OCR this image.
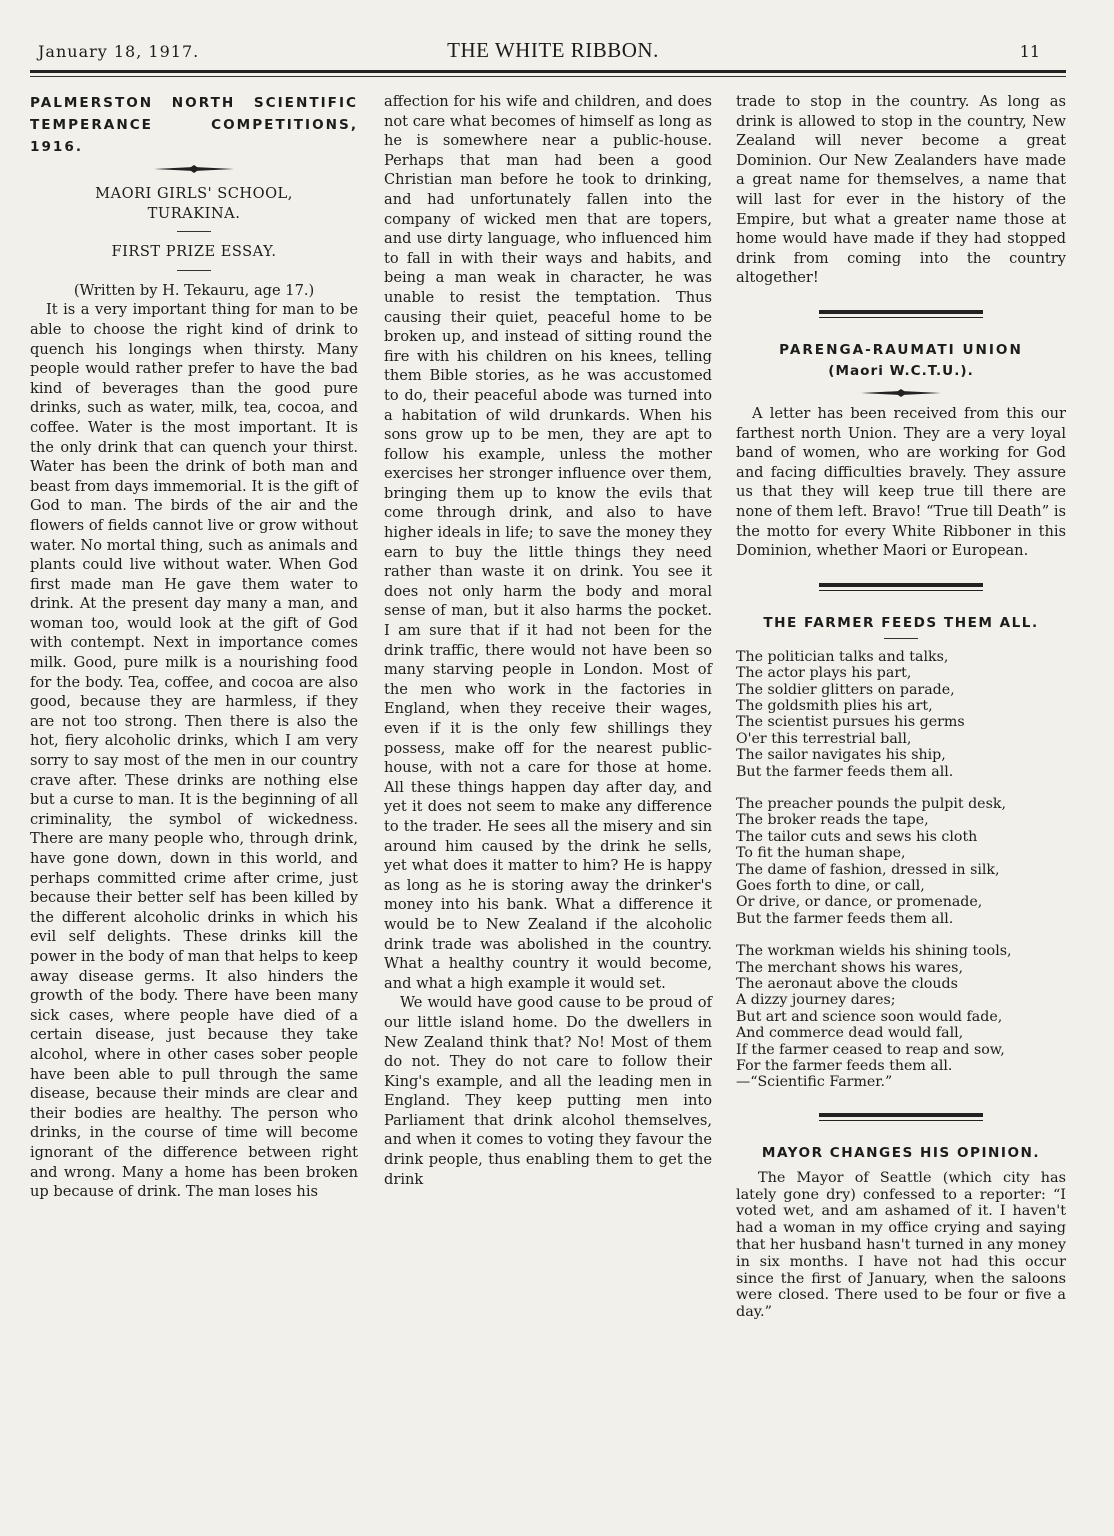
January 18, 1917.	THE WHITE RIBBON.	11
PALMERSTON NORTH SCIENTIFIC TEMPERANCE COMPETITIONS, 1916.

MAORI GIRLS' SCHOOL,

TURAKINA.

FIRST PRIZE ESSAY.

(Written by H. Tekauru, age 17.)

It is a very important thing for man to be able to choose the right kind of drink to quench his longings when thirsty. Many people would rather prefer to have the bad kind of beverages than the good pure drinks, such as water, milk, tea, cocoa, and coffee. Water is the most important. It is the only drink that can quench your thirst. Water has been the drink of both man and beast from days immemorial. It is the gift of God to man. The birds of the air and the flowers of fields cannot live or grow without water. No mortal thing, such as animals and plants could live without water. When God first made man He gave them water to drink. At the present day many a man, and woman too, would look at the gift of God with contempt. Next in importance comes milk. Good, pure milk is a nourishing food for the body. Tea, coffee, and cocoa are also good, because they are harmless, if they are not too strong. Then there is also the hot, fiery alcoholic drinks, which I am very sorry to say most of the men in our country crave after. These drinks are nothing else but a curse to man. It is the beginning of all criminality, the symbol of wickedness. There are many people who, through drink, have gone down, down in this world, and perhaps committed crime after crime, just because their better self has been killed by the different alcoholic drinks in which his evil self delights. These drinks kill the power in the body of man that helps to keep away disease germs. It also hinders the growth of the body. There have been many sick cases, where people have died of a certain disease, just because they take alcohol, where in other cases sober people have been able to pull through the same disease, because their minds are clear and their bodies are healthy. The person who drinks, in the course of time will become ignorant of the difference between right and wrong. Many a home has been broken up because of drink. The man loses his

affection for his wife and children, and does not care what becomes of himself as long as he is somewhere near a public-house. Perhaps that man had been a good Christian man before he took to drinking, and had unfortunately fallen into the company of wicked men that are topers, and use dirty language, who influenced him to fall in with their ways and habits, and being a man weak in character, he was unable to resist the temptation. Thus causing their quiet, peaceful home to be broken up, and instead of sitting round the fire with his children on his knees, telling them Bible stories, as he was accustomed to do, their peaceful abode was turned into a habitation of wild drunkards. When his sons grow up to be men, they are apt to follow his example, unless the mother exercises her stronger influence over them, bringing them up to know the evils that come through drink, and also to have higher ideals in life; to save the money they earn to buy the little things they need rather than waste it on drink. You see it does not only harm the body and moral sense of man, but it also harms the pocket. I am sure that if it had not been for the drink traffic, there would not have been so many starving people in London. Most of the men who work in the factories in England, when they receive their wages, even if it is the only few shillings they possess, make off for the nearest public-house, with not a care for those at home. All these things happen day after day, and yet it does not seem to make any difference to the trader. He sees all the misery and sin around him caused by the drink he sells, yet what does it matter to him? He is happy as long as he is storing away the drinker's money into his bank. What a difference it would be to New Zealand if the alcoholic drink trade was abolished in the country. What a healthy country it would become, and what a high example it would set.

We would have good cause to be proud of our little island home. Do the dwellers in New Zealand think that? No! Most of them do not. They do not care to follow their King's example, and all the leading men in England. They keep putting men into Parliament that drink alcohol themselves, and when it comes to voting they favour the drink people, thus enabling them to get the drink

trade to stop in the country. As long as drink is allowed to stop in the country, New Zealand will never become a great Dominion. Our New Zealanders have made a great name for themselves, a name that will last for ever in the history of the Empire, but what a greater name those at home would have made if they had stopped drink from coming into the country altogether!

PARENGA-RAUMATI UNION
(Maori W.C.T.U.).

A letter has been received from this our farthest north Union. They are a very loyal band of women, who are working for God and facing difficulties bravely. They assure us that they will keep true till there are none of them left. Bravo! “True till Death” is the motto for every White Ribboner in this Dominion, whether Maori or European.

THE FARMER FEEDS THEM ALL.

The politician talks and talks,

The actor plays his part,

The soldier glitters on parade,

The goldsmith plies his art,

The scientist pursues his germs

O'er this terrestrial ball,

The sailor navigates his ship,

But the farmer feeds them all.

The preacher pounds the pulpit desk,

The broker reads the tape,

The tailor cuts and sews his cloth

To fit the human shape,

The dame of fashion, dressed in silk,

Goes forth to dine, or call,

Or drive, or dance, or promenade,

But the farmer feeds them all.

The workman wields his shining tools,

The merchant shows his wares,

The aeronaut above the clouds

A dizzy journey dares;

But art and science soon would fade,

And commerce dead would fall,

If the farmer ceased to reap and sow,

For the farmer feeds them all.

—“Scientific Farmer.”

MAYOR CHANGES HIS OPINION.

The Mayor of Seattle (which city has lately gone dry) confessed to a reporter: “I voted wet, and am ashamed of it. I haven't had a woman in my office crying and saying that her husband hasn't turned in any money in six months. I have not had this occur since the first of January, when the saloons were closed. There used to be four or five a day.”
